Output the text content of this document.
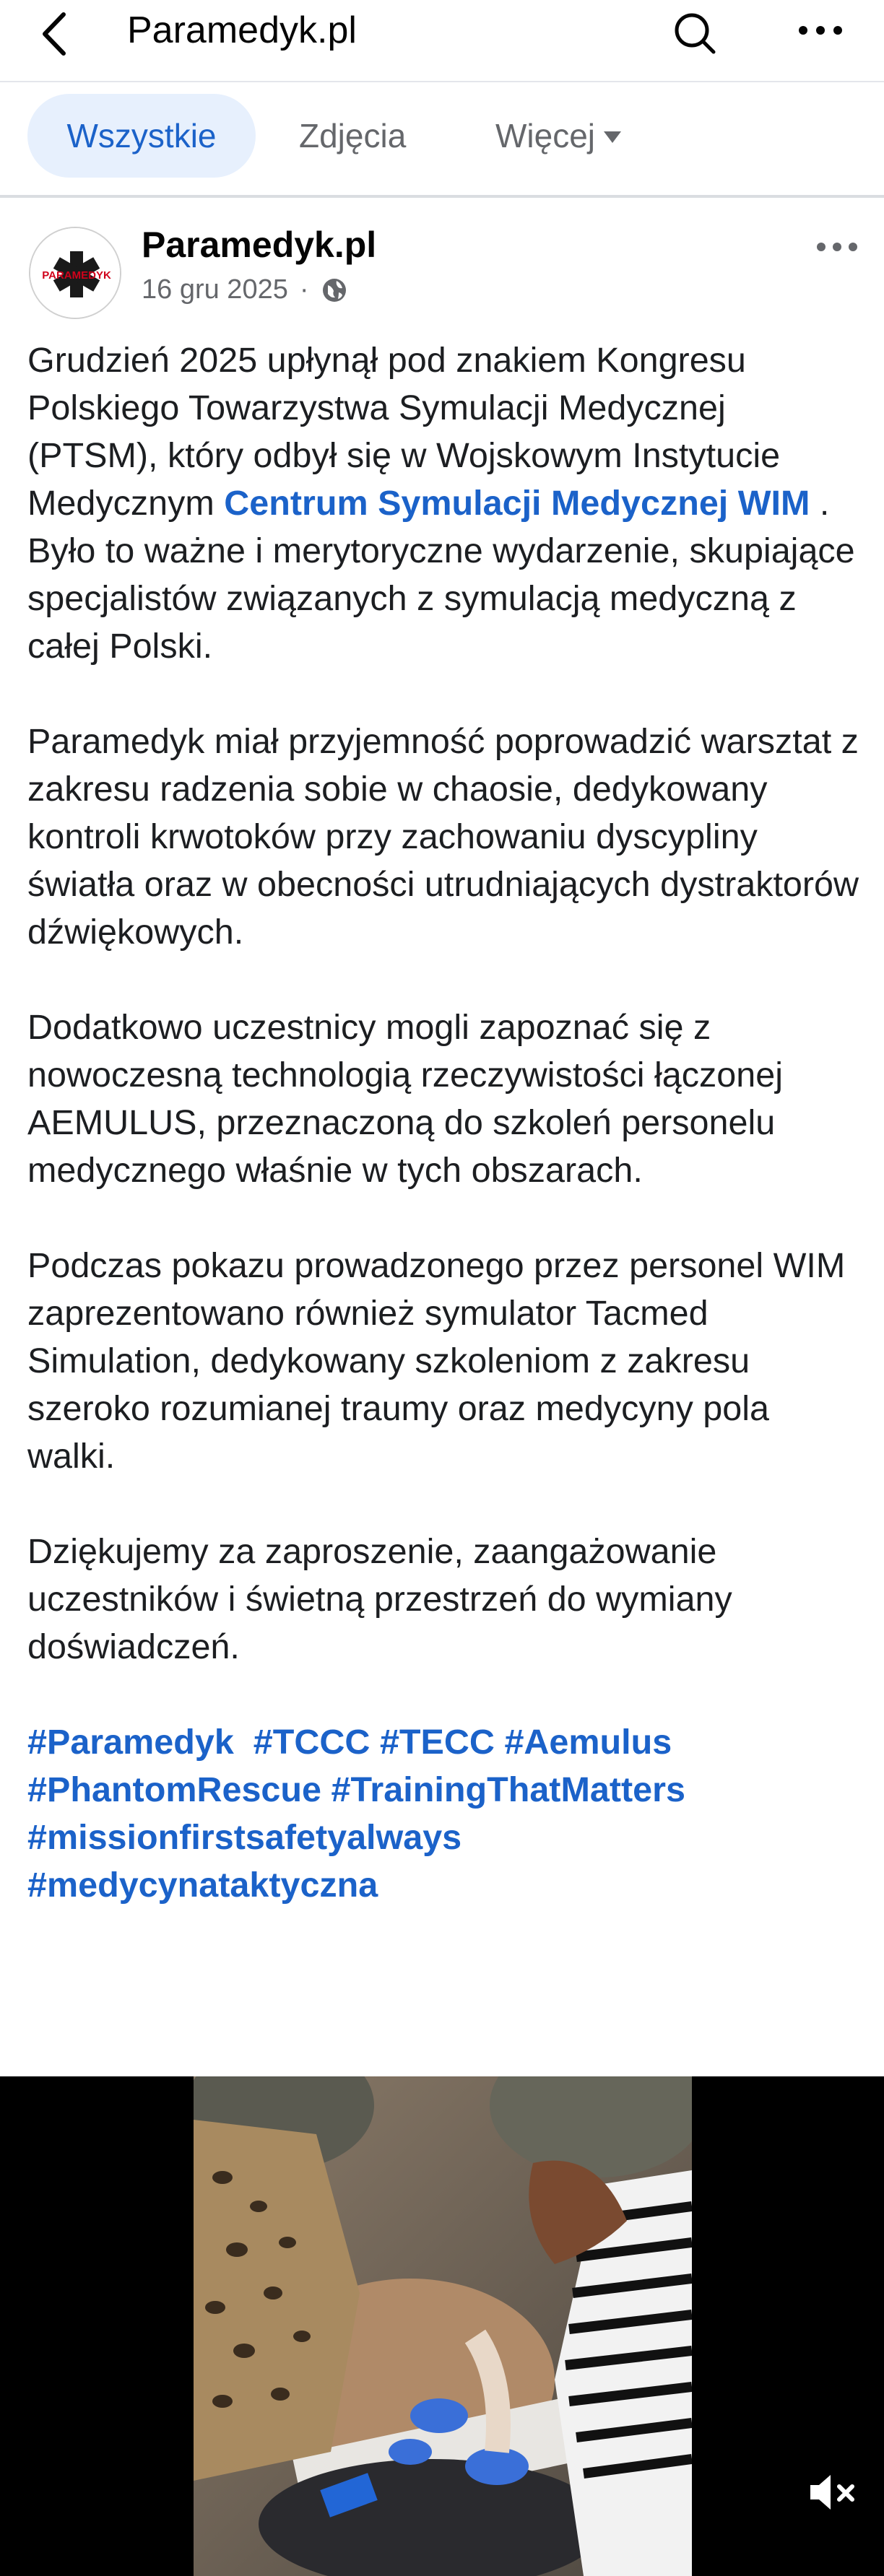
Paramedyk.pl
Wszystkie	Zdjęcia	Więcej
PARAMEDYK
Paramedyk.pl
16 gru 2025 ·

Grudzień 2025 upłynął pod znakiem Kongresu Polskiego Towarzystwa Symulacji Medycznej (PTSM), który odbył się w Wojskowym Instytucie Medycznym Centrum Symulacji Medycznej WIM . Było to ważne i merytoryczne wydarzenie, skupiające specjalistów związanych z symulacją medyczną z całej Polski.

Paramedyk miał przyjemność poprowadzić warsztat z zakresu radzenia sobie w chaosie, dedykowany kontroli krwotoków przy zachowaniu dyscypliny światła oraz w obecności utrudniających dystraktorów dźwiękowych.

Dodatkowo uczestnicy mogli zapoznać się z nowoczesną technologią rzeczywistości łączonej AEMULUS, przeznaczoną do szkoleń personelu medycznego właśnie w tych obszarach.

Podczas pokazu prowadzonego przez personel WIM zaprezentowano również symulator Tacmed Simulation, dedykowany szkoleniom z zakresu szeroko rozumianej traumy oraz medycyny pola walki.

Dziękujemy za zaproszenie, zaangażowanie uczestników i świetną przestrzeń do wymiany doświadczeń.

#Paramedyk #TCCC #TECC #Aemulus
#PhantomRescue #TrainingThatMatters
#missionfirstsafetyalways
#medycynataktyczna
